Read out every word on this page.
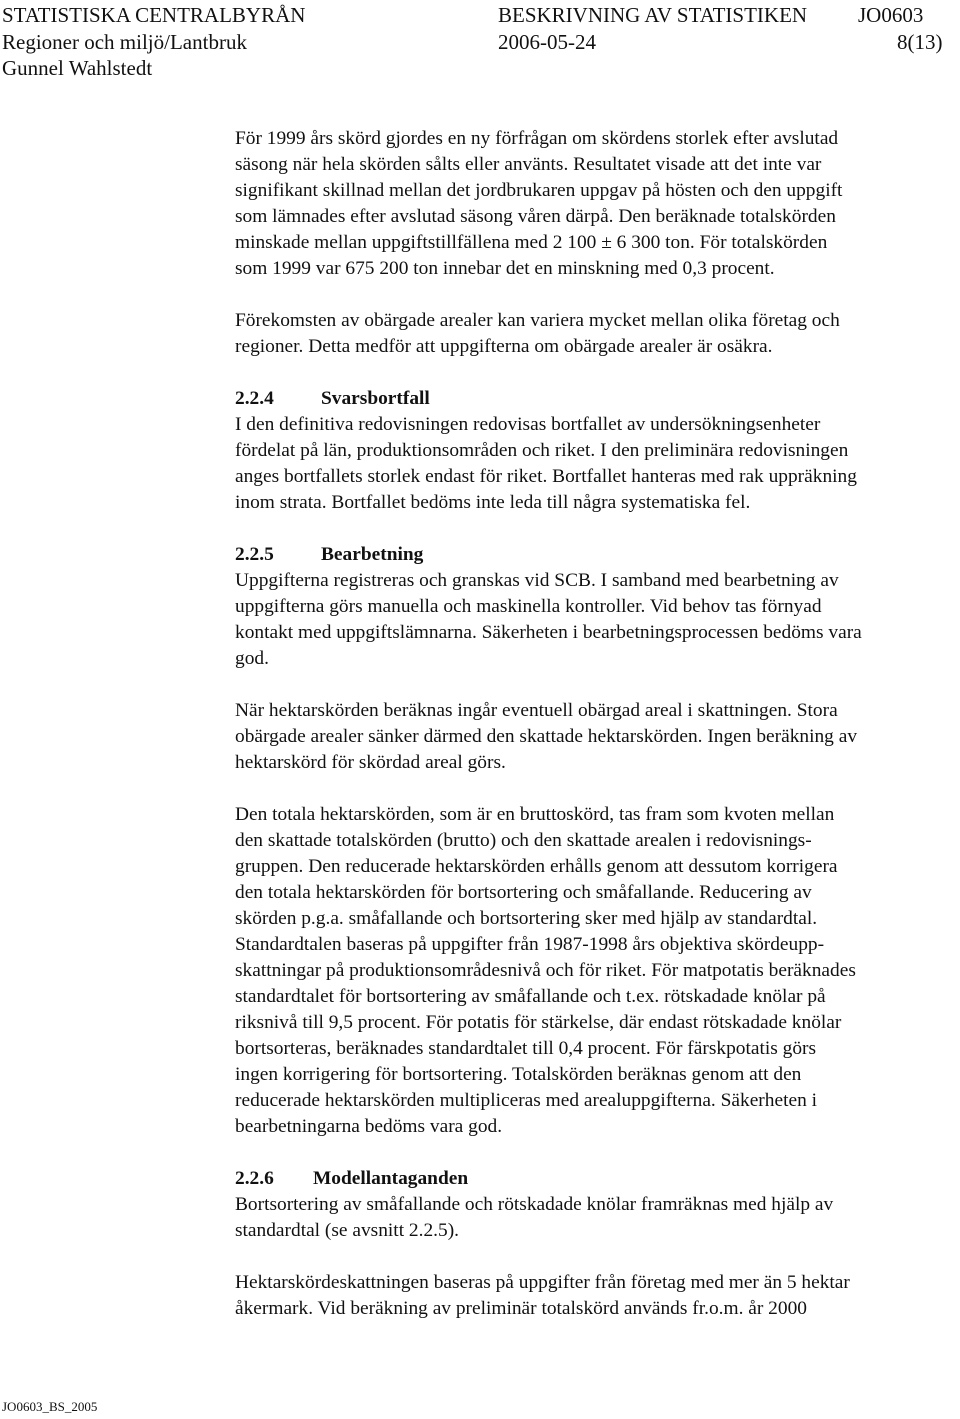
STATISTISKA CENTRALBYRÅN	BESKRIVNING AV STATISTIKEN JO0603
Regioner och miljö/Lantbruk	2006-05-24	8(13)
Gunnel Wahlstedt

För 1999 års skörd gjordes en ny förfrågan om skördens storlek efter avslutad
säsong när hela skörden sålts eller använts. Resultatet visade att det inte var
signifikant skillnad mellan det jordbrukaren uppgav på hösten och den uppgift
som lämnades efter avslutad säsong våren därpå. Den beräknade totalskörden
minskade mellan uppgiftstillfällena med 2 100 ± 6 300 ton. För totalskörden
som 1999 var 675 200 ton innebar det en minskning med 0,3 procent.

Förekomsten av obärgade arealer kan variera mycket mellan olika företag och
regioner. Detta medför att uppgifterna om obärgade arealer är osäkra.

2.2.4 Svarsbortfall
I den definitiva redovisningen redovisas bortfallet av undersökningsenheter
fördelat på län, produktionsområden och riket. I den preliminära redovisningen
anges bortfallets storlek endast för riket. Bortfallet hanteras med rak uppräkning
inom strata. Bortfallet bedöms inte leda till några systematiska fel.

2.2.5 Bearbetning
Uppgifterna registreras och granskas vid SCB. I samband med bearbetning av
uppgifterna görs manuella och maskinella kontroller. Vid behov tas förnyad
kontakt med uppgiftslämnarna. Säkerheten i bearbetningsprocessen bedöms vara
god.

När hektarskörden beräknas ingår eventuell obärgad areal i skattningen. Stora
obärgade arealer sänker därmed den skattade hektarskörden. Ingen beräkning av
hektarskörd för skördad areal görs.

Den totala hektarskörden, som är en bruttoskörd, tas fram som kvoten mellan
den skattade totalskörden (brutto) och den skattade arealen i redovisnings-
gruppen. Den reducerade hektarskörden erhålls genom att dessutom korrigera
den totala hektarskörden för bortsortering och småfallande. Reducering av
skörden p.g.a. småfallande och bortsortering sker med hjälp av standardtal.
Standardtalen baseras på uppgifter från 1987-1998 års objektiva skördeupp-
skattningar på produktionsområdesnivå och för riket. För matpotatis beräknades
standardtalet för bortsortering av småfallande och t.ex. rötskadade knölar på
riksnivå till 9,5 procent. För potatis för stärkelse, där endast rötskadade knölar
bortsorteras, beräknades standardtalet till 0,4 procent. För färskpotatis görs
ingen korrigering för bortsortering. Totalskörden beräknas genom att den
reducerade hektarskörden multipliceras med arealuppgifterna. Säkerheten i
bearbetningarna bedöms vara god.

2.2.6 Modellantaganden
Bortsortering av småfallande och rötskadade knölar framräknas med hjälp av
standardtal (se avsnitt 2.2.5).

Hektarskördeskattningen baseras på uppgifter från företag med mer än 5 hektar
åkermark. Vid beräkning av preliminär totalskörd används fr.o.m. år 2000

JO0603_BS_2005
